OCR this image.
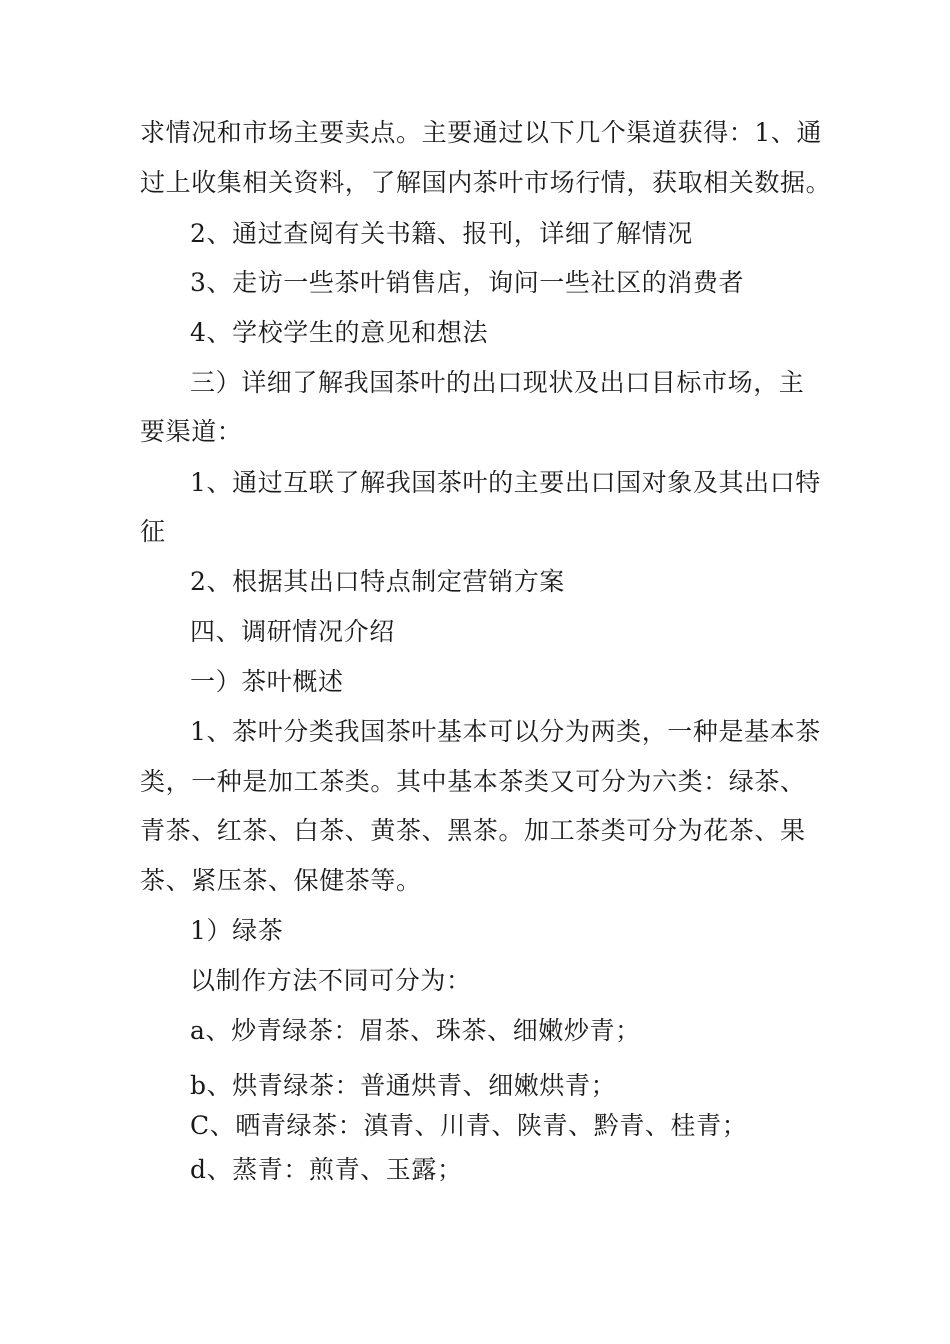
求情况和市场主要卖点。主要通过以下几个渠道获得：1、通
过上收集相关资料，了解国内茶叶市场行情，获取相关数据。
2、通过查阅有关书籍、报刊，详细了解情况
3、走访一些茶叶销售店，询问一些社区的消费者
4、学校学生的意见和想法
三）详细了解我国茶叶的出口现状及出口目标市场，主
要渠道：
1、通过互联了解我国茶叶的主要出口国对象及其出口特
征
2、根据其出口特点制定营销方案
四、调研情况介绍
一）茶叶概述
1、茶叶分类我国茶叶基本可以分为两类，一种是基本茶
类，一种是加工茶类。其中基本茶类又可分为六类：绿茶、
青茶、红茶、白茶、黄茶、黑茶。加工茶类可分为花茶、果
茶、紧压茶、保健茶等。
1）绿茶
以制作方法不同可分为：
a、炒青绿茶：眉茶、珠茶、细嫩炒青；
b、烘青绿茶：普通烘青、细嫩烘青；
C、晒青绿茶：滇青、川青、陕青、黔青、桂青；
d、蒸青：煎青、玉露；
